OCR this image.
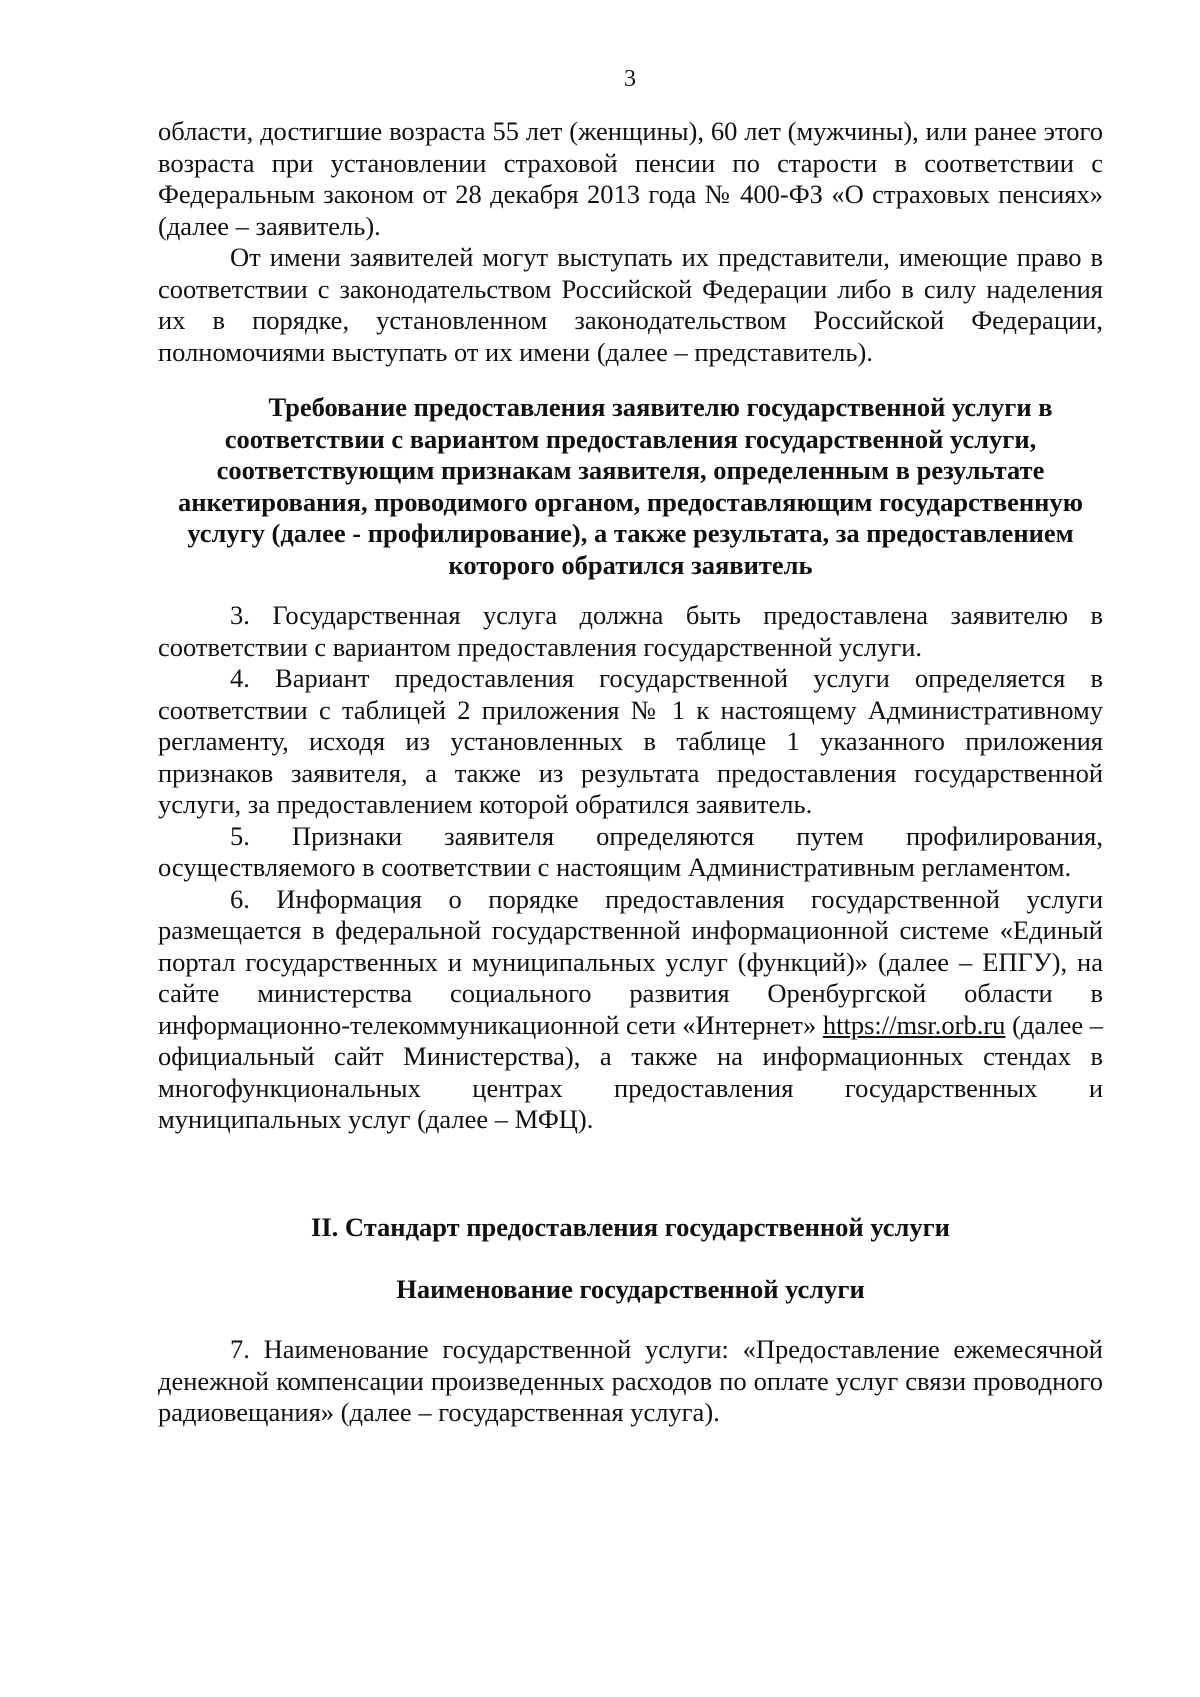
3

области, достигшие возраста 55 лет (женщины), 60 лет (мужчины), или ранее этого возраста при установлении страховой пенсии по старости в соответствии с Федеральным законом от 28 декабря 2013 года № 400-ФЗ «О страховых пенсиях» (далее – заявитель).

От имени заявителей могут выступать их представители, имеющие право в соответствии с законодательством Российской Федерации либо в силу наделения их в порядке, установленном законодательством Российской Федерации, полномочиями выступать от их имени (далее – представитель).

Требование предоставления заявителю государственной услуги в соответствии с вариантом предоставления государственной услуги, соответствующим признакам заявителя, определенным в результате анкетирования, проводимого органом, предоставляющим государственную услугу (далее - профилирование), а также результата, за предоставлением которого обратился заявитель

3. Государственная услуга должна быть предоставлена заявителю в соответствии с вариантом предоставления государственной услуги.

4. Вариант предоставления государственной услуги определяется в соответствии с таблицей 2 приложения № 1 к настоящему Административному регламенту, исходя из установленных в таблице 1 указанного приложения признаков заявителя, а также из результата предоставления государственной услуги, за предоставлением которой обратился заявитель.

5. Признаки заявителя определяются путем профилирования, осуществляемого в соответствии с настоящим Административным регламентом.

6. Информация о порядке предоставления государственной услуги размещается в федеральной государственной информационной системе «Единый портал государственных и муниципальных услуг (функций)» (далее – ЕПГУ), на сайте министерства социального развития Оренбургской области в информационно-телекоммуникационной сети «Интернет» https://msr.orb.ru (далее – официальный сайт Министерства), а также на информационных стендах в многофункциональных центрах предоставления государственных и муниципальных услуг (далее – МФЦ).

II. Стандарт предоставления государственной услуги

Наименование государственной услуги

7. Наименование государственной услуги: «Предоставление ежемесячной денежной компенсации произведенных расходов по оплате услуг связи проводного радиовещания» (далее – государственная услуга).
